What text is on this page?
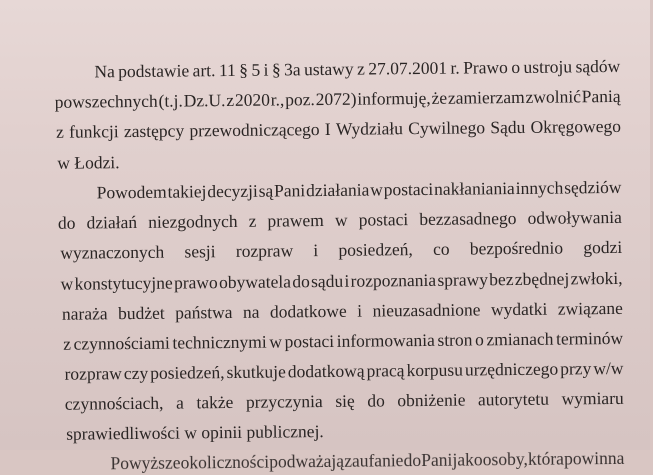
Na podstawie art. 11 § 5 i § 3a ustawy z 27.07.2001 r. Prawo o ustroju sądów

powszechnych (t.j. Dz.U. z 2020 r., poz. 2072) informuję, że zamierzam zwolnić Panią

z funkcji zastępcy przewodniczącego I Wydziału Cywilnego Sądu Okręgowego

w Łodzi.

Powodem takiej decyzji są Pani działania w postaci nakłaniania innych sędziów

do działań niezgodnych z prawem w postaci bezzasadnego odwoływania

wyznaczonych sesji rozpraw i posiedzeń, co bezpośrednio godzi

w konstytucyjne prawo obywatela do sądu i rozpoznania sprawy bez zbędnej zwłoki,

naraża budżet państwa na dodatkowe i nieuzasadnione wydatki związane

z czynnościami technicznymi w postaci informowania stron o zmianach terminów

rozpraw czy posiedzeń, skutkuje dodatkową pracą korpusu urzędniczego przy w/w

czynnościach, a także przyczynia się do obniżenie autorytetu wymiaru

sprawiedliwości w opinii publicznej.

Powyższe okoliczności podważają zaufanie do Pani jako osoby, która powinna
